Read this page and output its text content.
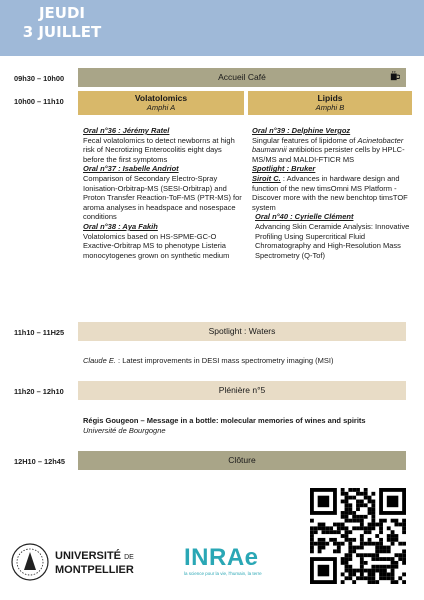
JEUDI
3 JUILLET
09h30 – 10h00	Accueil Café
10h00 – 11h10	Volatolomics
Amphi A
Lipids
Amphi B
Oral n°36 : Jérémy Ratel
Fecal volatolomics to detect newborns at high risk of Necrotizing Enterocolitis eight days before the first symptoms
Oral n°37 : Isabelle Andriot
Comparison of Secondary Electro-Spray Ionisation-Orbitrap-MS (SESI-Orbitrap) and Proton Transfer Reaction-ToF-MS (PTR-MS) for aroma analyses in headspace and nosespace conditions
Oral n°38 : Aya Fakih
Volatolomics based on HS-SPME-GC-O Exactive-Orbitrap MS to phenotype Listeria monocytogenes grown on synthetic medium
Oral n°39 : Delphine Vergoz
Singular features of lipidome of Acinetobacter baumannii antibiotics persister cells by HPLC-MS/MS and MALDI-FTICR MS
Spotlight : Bruker
Siroit C. : Advances in hardware design and function of the new timsOmni MS Platform - Discover more with the new benchtop timsTOF system
Oral n°40 : Cyrielle Clément
Advancing Skin Ceramide Analysis: Innovative Profiling Using Supercritical Fluid Chromatography and High-Resolution Mass Spectrometry (Q-Tof)
11h10 – 11H25	Spotlight : Waters
Claude E. : Latest improvements in DESI mass spectrometry imaging (MSI)
11h20 – 12h10	Plénière n°5
Régis Gougeon – Message in a bottle: molecular memories of wines and spirits
Université de Bourgogne
12H10 – 12h45	Clôture
UNIVERSITÉ DE
MONTPELLIER INRAe
la science pour la vie, l'humain, la terre
